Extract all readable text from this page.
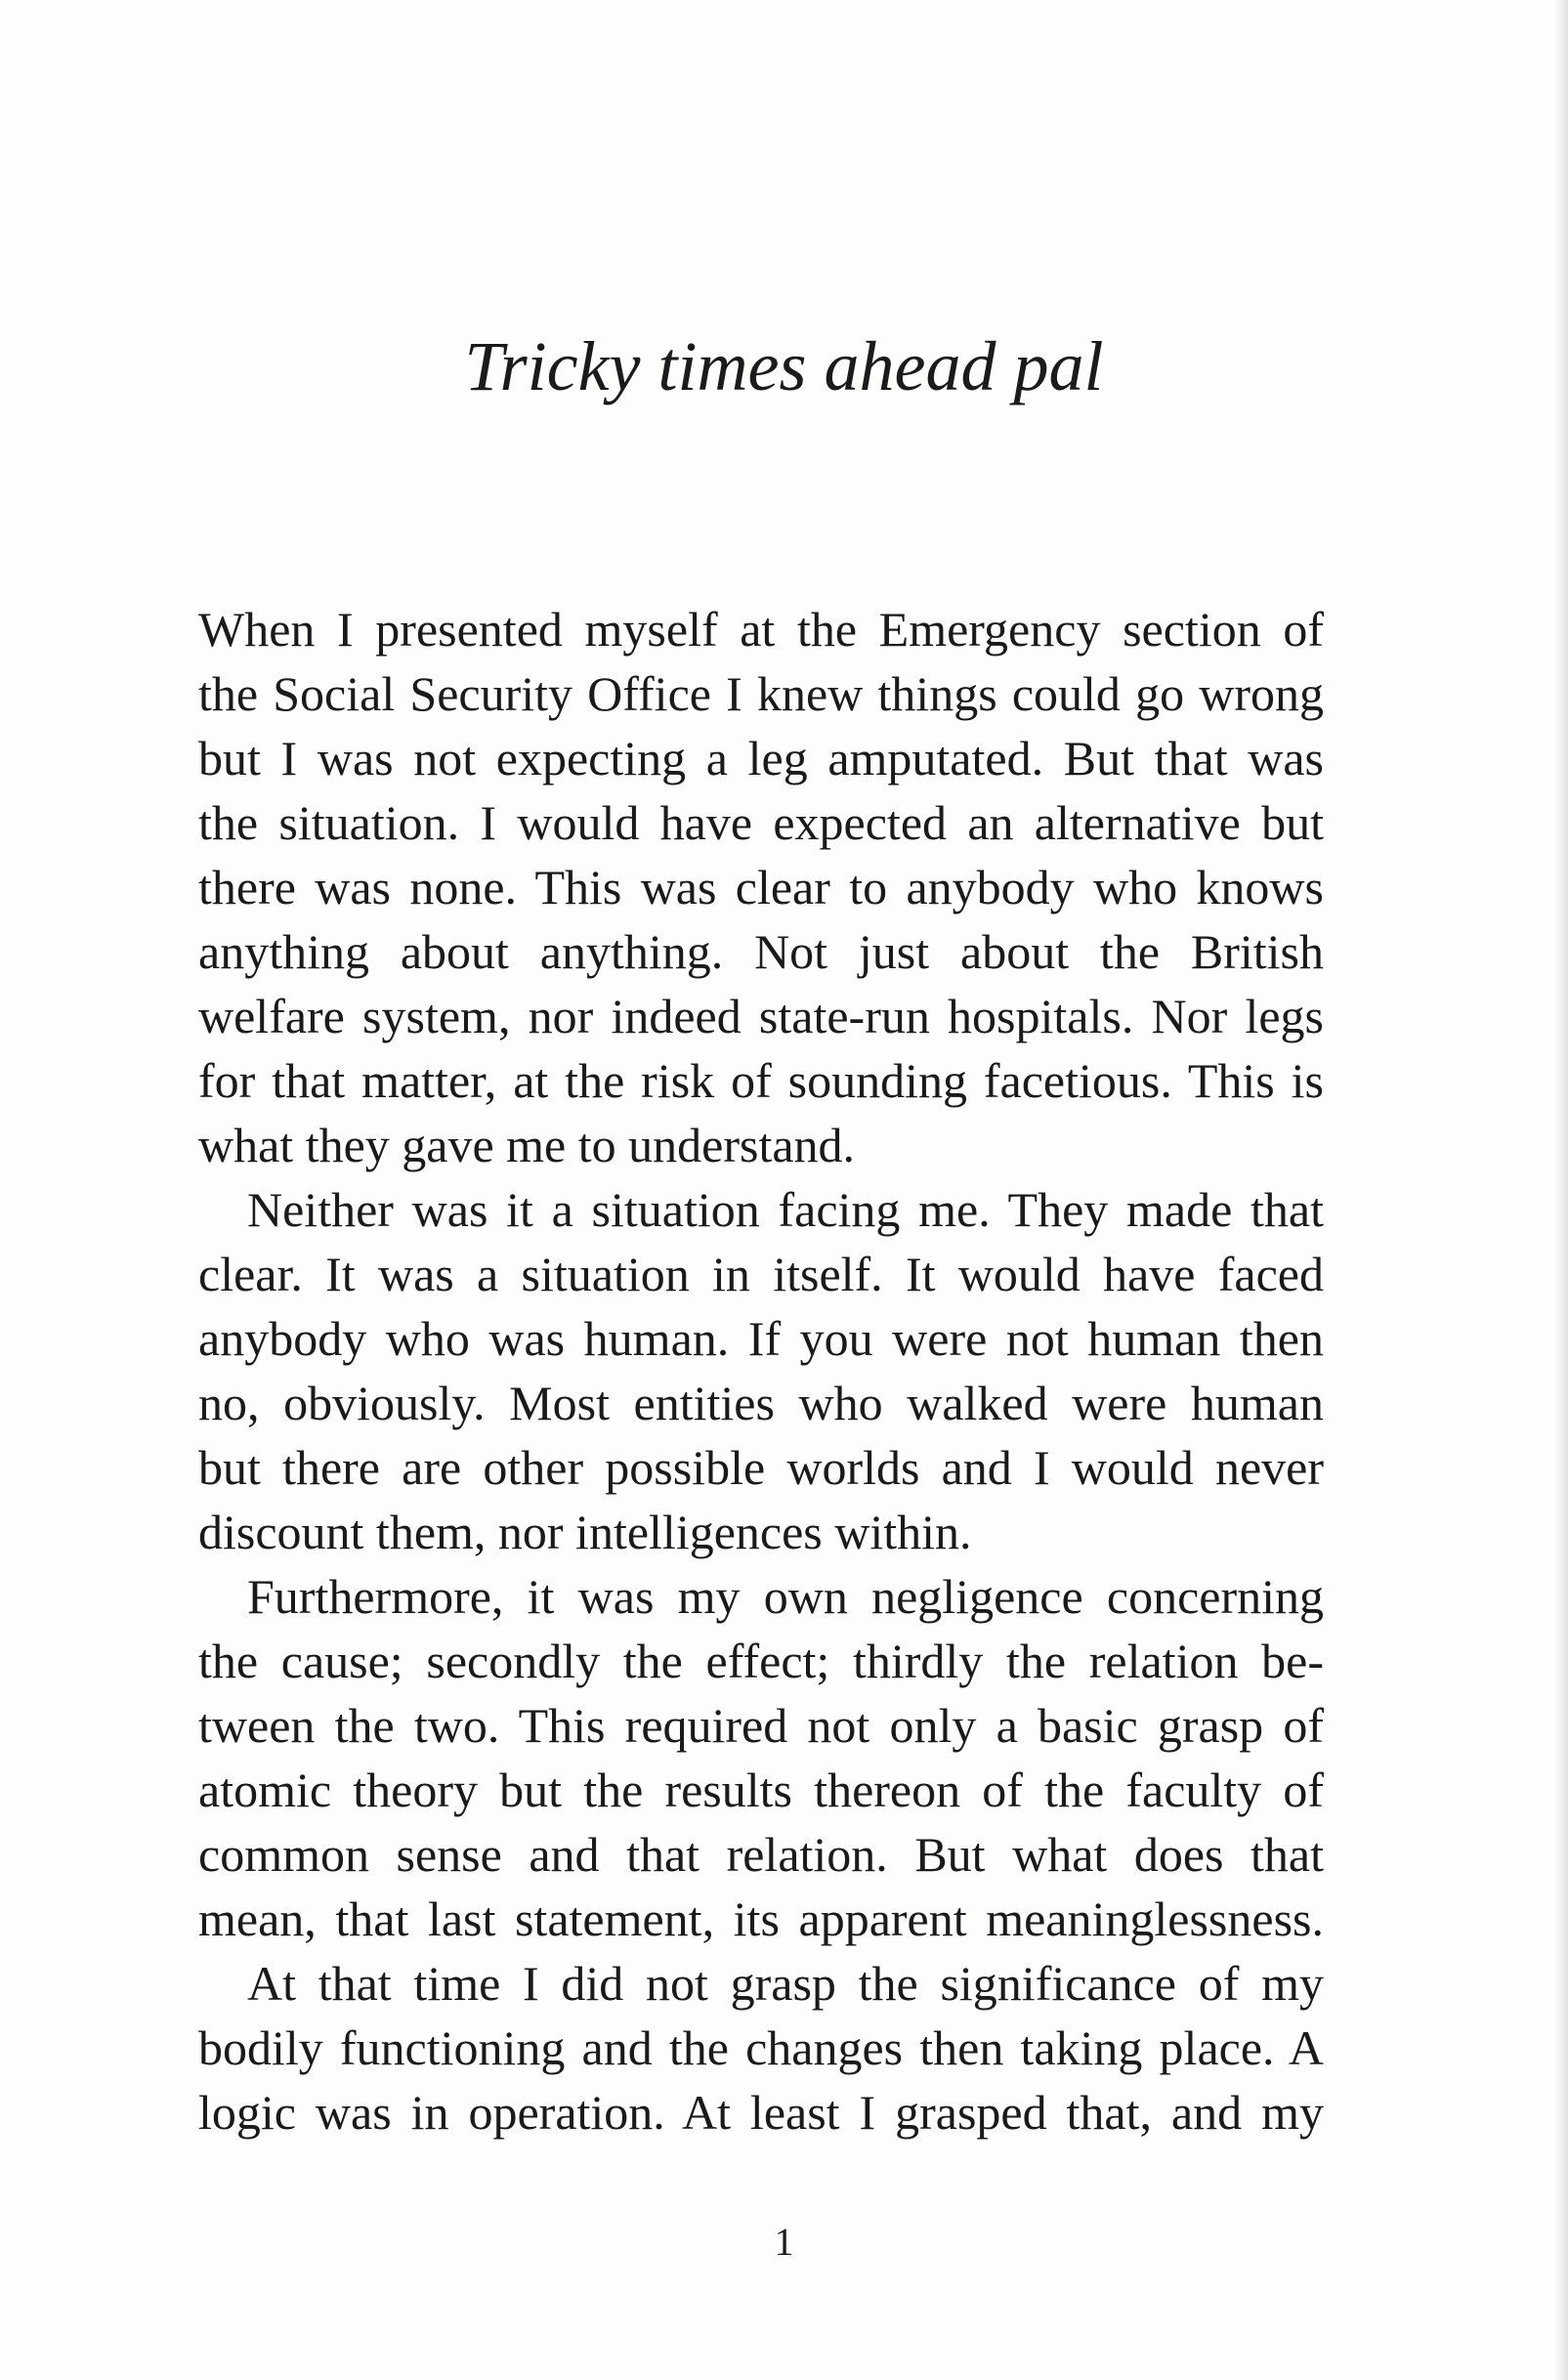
Tricky times ahead pal
When I presented myself at the Emergency section of
the Social Security Office I knew things could go wrong
but I was not expecting a leg amputated. But that was
the situation. I would have expected an alternative but
there was none. This was clear to anybody who knows
anything about anything. Not just about the British
welfare system, nor indeed state-run hospitals. Nor legs
for that matter, at the risk of sounding facetious. This is
what they gave me to understand.
Neither was it a situation facing me. They made that
clear. It was a situation in itself. It would have faced
anybody who was human. If you were not human then
no, obviously. Most entities who walked were human
but there are other possible worlds and I would never
discount them, nor intelligences within.
Furthermore, it was my own negligence concerning
the cause; secondly the effect; thirdly the relation be-
tween the two. This required not only a basic grasp of
atomic theory but the results thereon of the faculty of
common sense and that relation. But what does that
mean, that last statement, its apparent meaninglessness.
At that time I did not grasp the significance of my
bodily functioning and the changes then taking place. A
logic was in operation. At least I grasped that, and my
1
